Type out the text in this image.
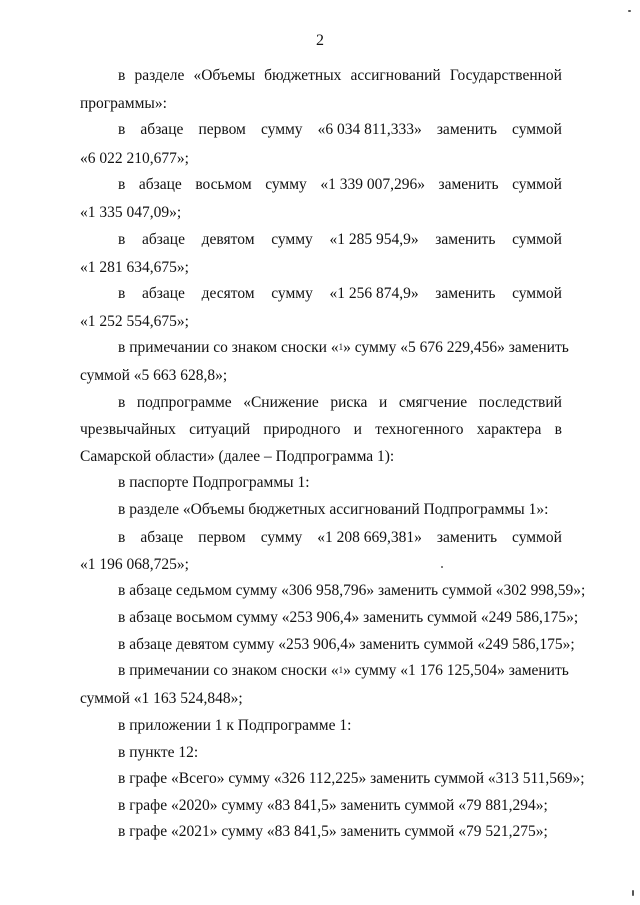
2
в разделе «Объемы бюджетных ассигнований Государственной
программы»:
в абзаце первом сумму «6 034 811,333» заменить суммой
«6 022 210,677»;
в абзаце восьмом сумму «1 339 007,296» заменить суммой
«1 335 047,09»;
в абзаце девятом сумму «1 285 954,9» заменить суммой
«1 281 634,675»;
в абзаце десятом сумму «1 256 874,9» заменить суммой
«1 252 554,675»;
в примечании со знаком сноски «$^1$» сумму «5 676 229,456» заменить
суммой «5 663 628,8»;
в подпрограмме «Снижение риска и смягчение последствий
чрезвычайных ситуаций природного и техногенного характера в
Самарской области» (далее – Подпрограмма 1):
в паспорте Подпрограммы 1:
в разделе «Объемы бюджетных ассигнований Подпрограммы 1»:
в абзаце первом сумму «1 208 669,381» заменить суммой
«1 196 068,725»;
в абзаце седьмом сумму «306 958,796» заменить суммой «302 998,59»;
в абзаце восьмом сумму «253 906,4» заменить суммой «249 586,175»;
в абзаце девятом сумму «253 906,4» заменить суммой «249 586,175»;
в примечании со знаком сноски «$^1$» сумму «1 176 125,504» заменить
суммой «1 163 524,848»;
в приложении 1 к Подпрограмме 1:
в пункте 12:
в графе «Всего» сумму «326 112,225» заменить суммой «313 511,569»;
в графе «2020» сумму «83 841,5» заменить суммой «79 881,294»;
в графе «2021» сумму «83 841,5» заменить суммой «79 521,275»;
